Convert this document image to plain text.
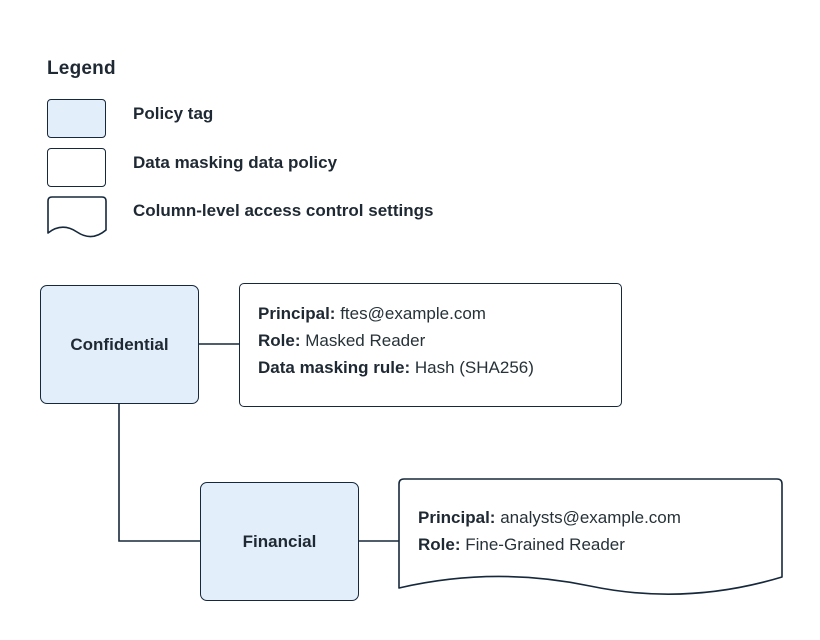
Legend
Policy tag
Data masking data policy
Column-level access control settings
Confidential
Financial
Principal: ftes@example.com
Role: Masked Reader
Data masking rule: Hash (SHA256)
Principal: analysts@example.com
Role: Fine-Grained Reader
